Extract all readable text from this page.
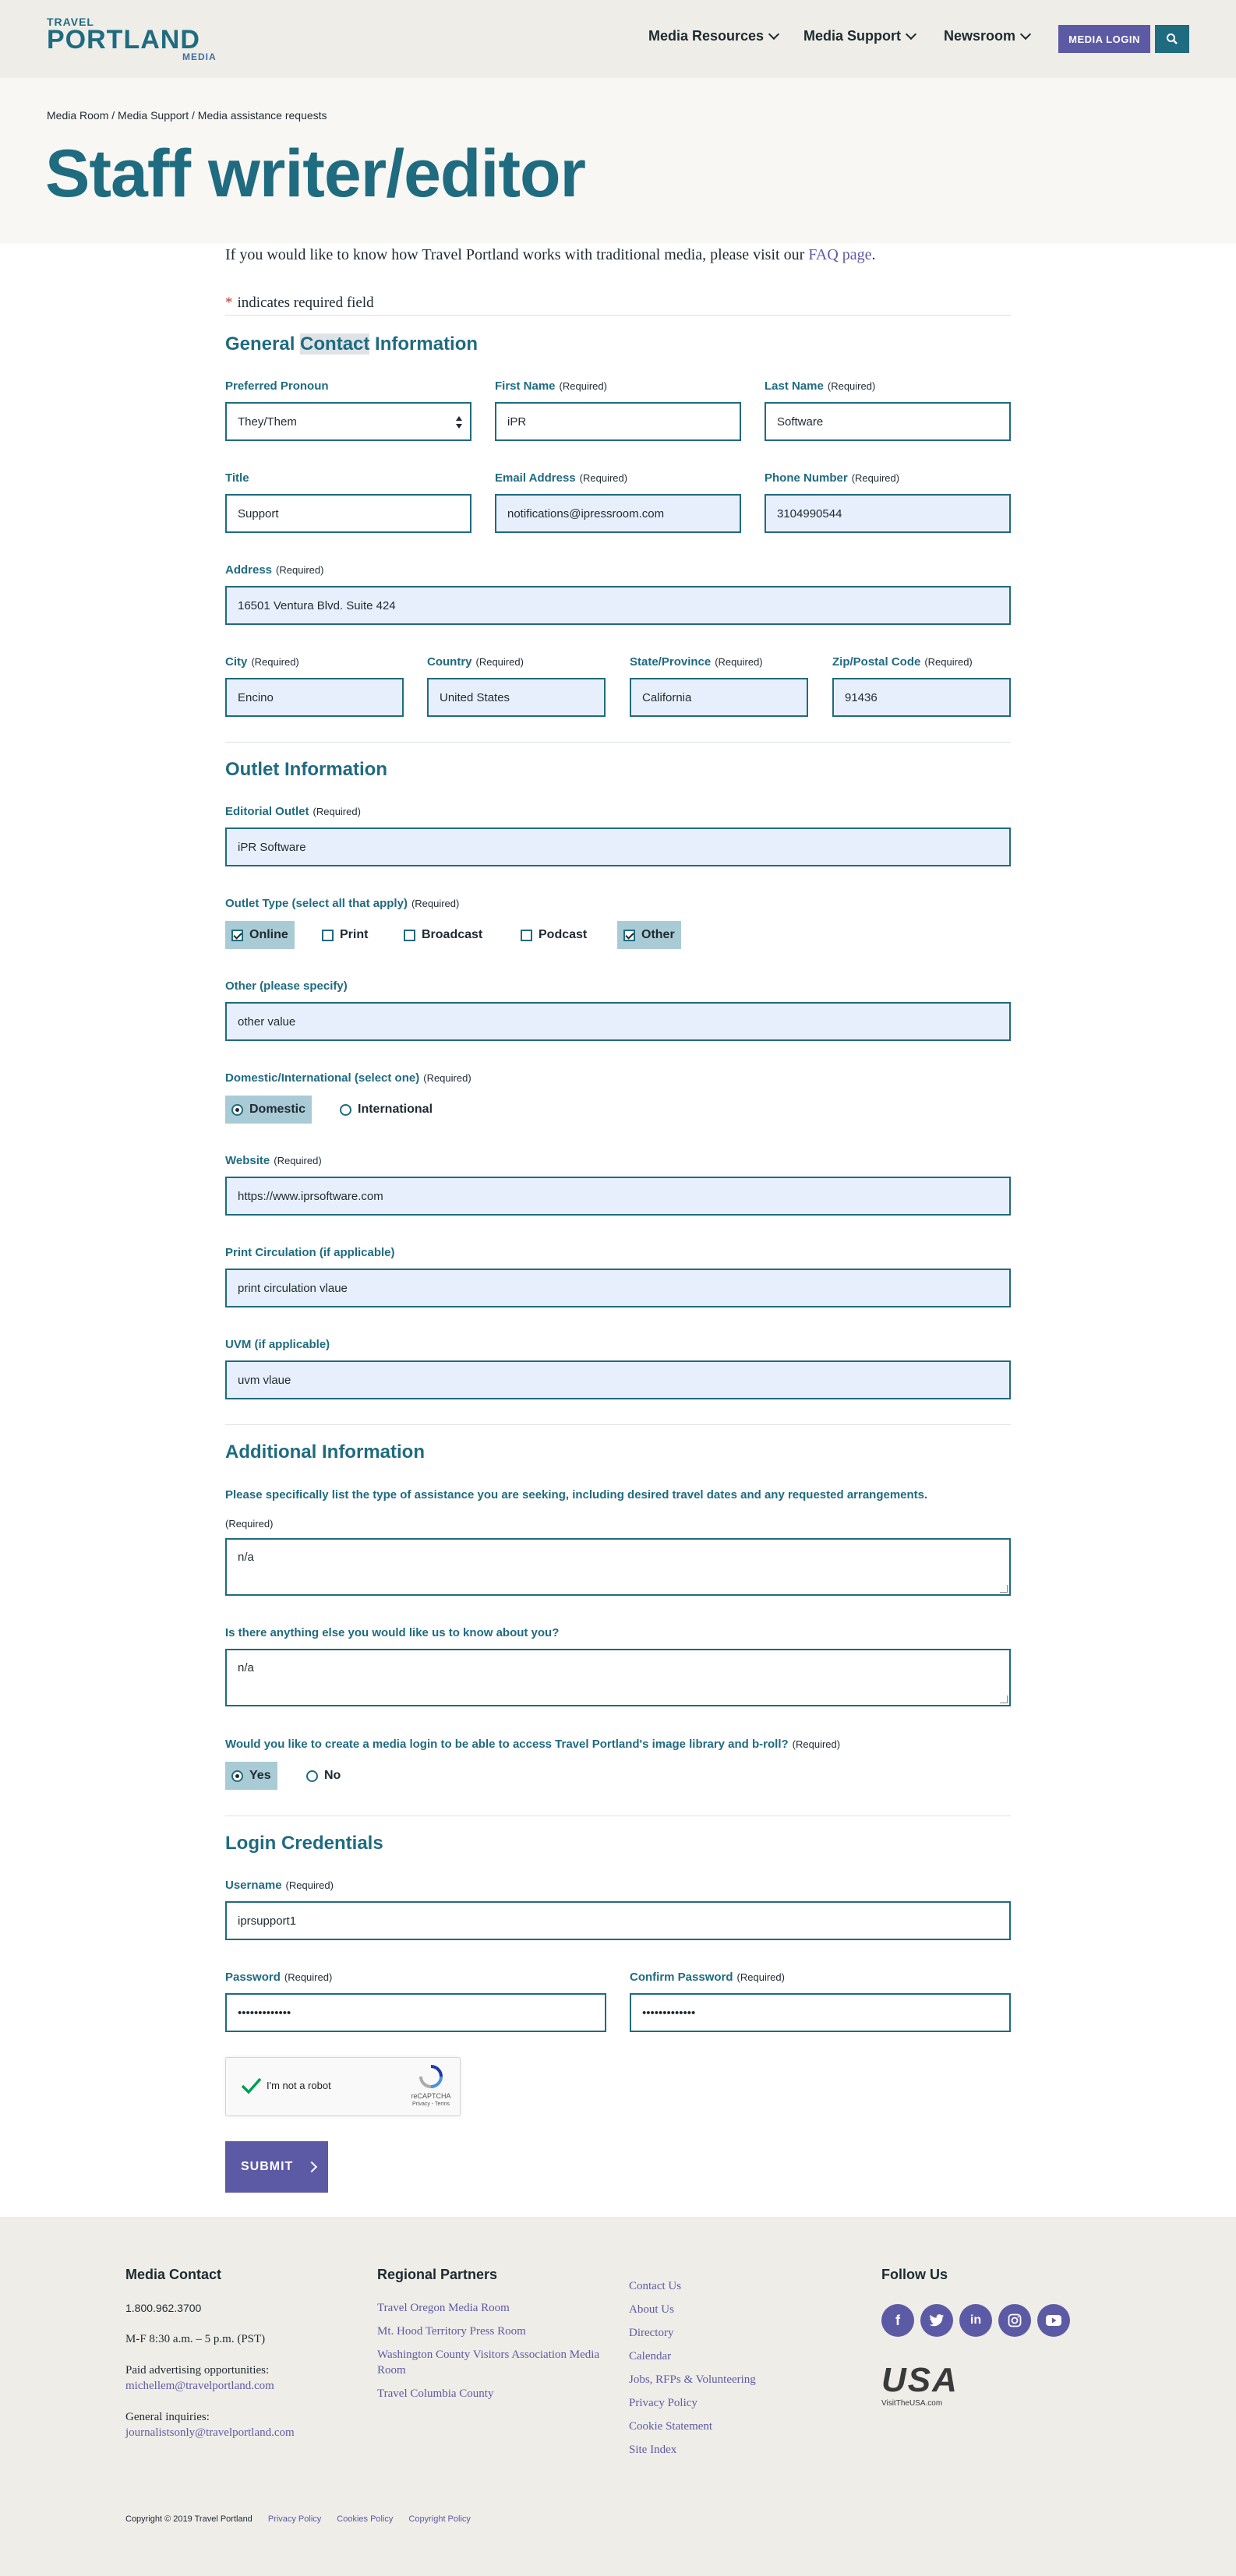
TRAVEL
PORTLAND
MEDIA
Media Resources	Media Support	Newsroom	MEDIA LOGIN
Media Room / Media Support / Media assistance requests
Staff writer/editor
If you would like to know how Travel Portland works with traditional media, please visit our FAQ page.
* indicates required field
General Contact Information
Preferred Pronoun
They/Them
First Name (Required)
iPR
Last Name (Required)
Software
Title
Support
Email Address (Required)
notifications@ipressroom.com
Phone Number (Required)
3104990544
Address (Required)
16501 Ventura Blvd. Suite 424
City (Required)
Encino
Country (Required)
United States
State/Province (Required)
California
Zip/Postal Code (Required)
91436
Outlet Information
Editorial Outlet (Required)
iPR Software
Outlet Type (select all that apply) (Required)
Online	Print	Broadcast	Podcast	Other
Other (please specify)
other value
Domestic/International (select one) (Required)
Domestic	International
Website (Required)
https://www.iprsoftware.com
Print Circulation (if applicable)
print circulation vlaue
UVM (if applicable)
uvm vlaue
Additional Information
Please specifically list the type of assistance you are seeking, including desired travel dates and any requested arrangements.
(Required)
n/a
Is there anything else you would like us to know about you?
n/a
Would you like to create a media login to be able to access Travel Portland's image library and b-roll? (Required)
Yes	No
Login Credentials
Username (Required)
iprsupport1
Password (Required)
•••••••••••••
Confirm Password (Required)
•••••••••••••
I'm not a robot
reCAPTCHA
Privacy - Terms
SUBMIT
Media Contact
1.800.962.3700
M-F 8:30 a.m. – 5 p.m. (PST)
Paid advertising opportunities:
michellem@travelportland.com
General inquiries:
journalistsonly@travelportland.com
Regional Partners
Travel Oregon Media Room
Mt. Hood Territory Press Room
Washington County Visitors Association Media Room
Travel Columbia County
Contact Us
About Us
Directory
Calendar
Jobs, RFPs & Volunteering
Privacy Policy
Cookie Statement
Site Index
Follow Us
f	in
USA
VisitTheUSA.com
Copyright © 2019 Travel Portland Privacy Policy Cookies Policy Copyright Policy
